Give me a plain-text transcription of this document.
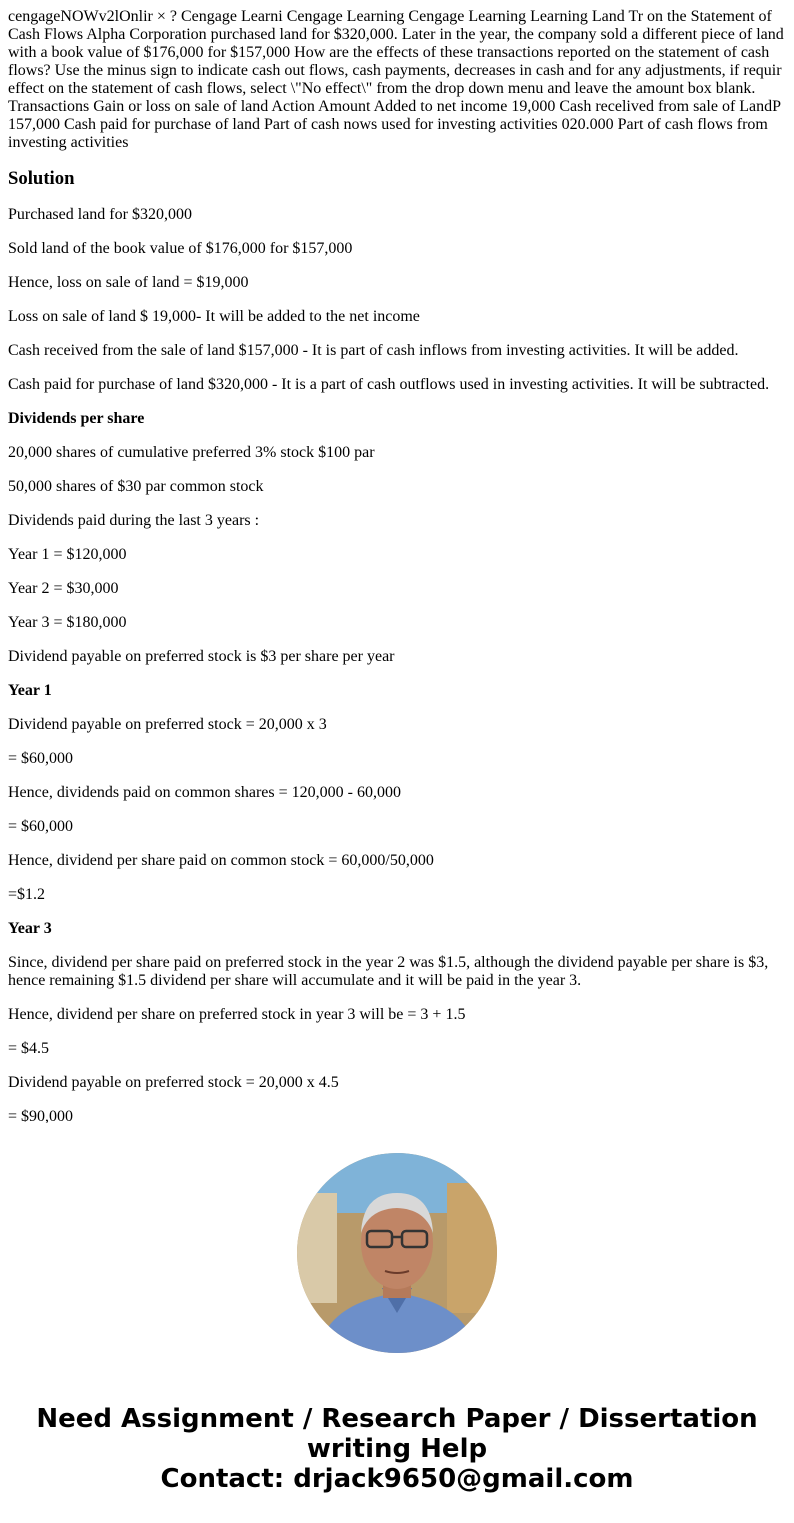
cengageNOWv2lOnlir × ? Cengage Learni Cengage Learning Cengage Learning Learning Land Tr on the Statement of Cash Flows Alpha Corporation purchased land for $320,000. Later in the year, the company sold a different piece of land with a book value of $176,000 for $157,000 How are the effects of these transactions reported on the statement of cash flows? Use the minus sign to indicate cash out flows, cash payments, decreases in cash and for any adjustments, if requir effect on the statement of cash flows, select \"No effect\" from the drop down menu and leave the amount box blank. Transactions Gain or loss on sale of land Action Amount Added to net income 19,000 Cash recelived from sale of LandP 157,000 Cash paid for purchase of land Part of cash nows used for investing activities 020.000 Part of cash flows from investing activities

Solution

Purchased land for $320,000

Sold land of the book value of $176,000 for $157,000

Hence, loss on sale of land = $19,000

Loss on sale of land $ 19,000- It will be added to the net income

Cash received from the sale of land $157,000 - It is part of cash inflows from investing activities. It will be added.

Cash paid for purchase of land $320,000 - It is a part of cash outflows used in investing activities. It will be subtracted.

Dividends per share

20,000 shares of cumulative preferred 3% stock $100 par

50,000 shares of $30 par common stock

Dividends paid during the last 3 years :

Year 1 = $120,000

Year 2 = $30,000

Year 3 = $180,000

Dividend payable on preferred stock is $3 per share per year

Year 1

Dividend payable on preferred stock = 20,000 x 3

= $60,000

Hence, dividends paid on common shares = 120,000 - 60,000

= $60,000

Hence, dividend per share paid on common stock = 60,000/50,000

=$1.2

Year 3

Since, dividend per share paid on preferred stock in the year 2 was $1.5, although the dividend payable per share is $3, hence remaining $1.5 dividend per share will accumulate and it will be paid in the year 3.

Hence, dividend per share on preferred stock in year 3 will be = 3 + 1.5

= $4.5

Dividend payable on preferred stock = 20,000 x 4.5

= $90,000

Need Assignment / Research Paper / Dissertation writing Help
Contact: drjack9650@gmail.com
